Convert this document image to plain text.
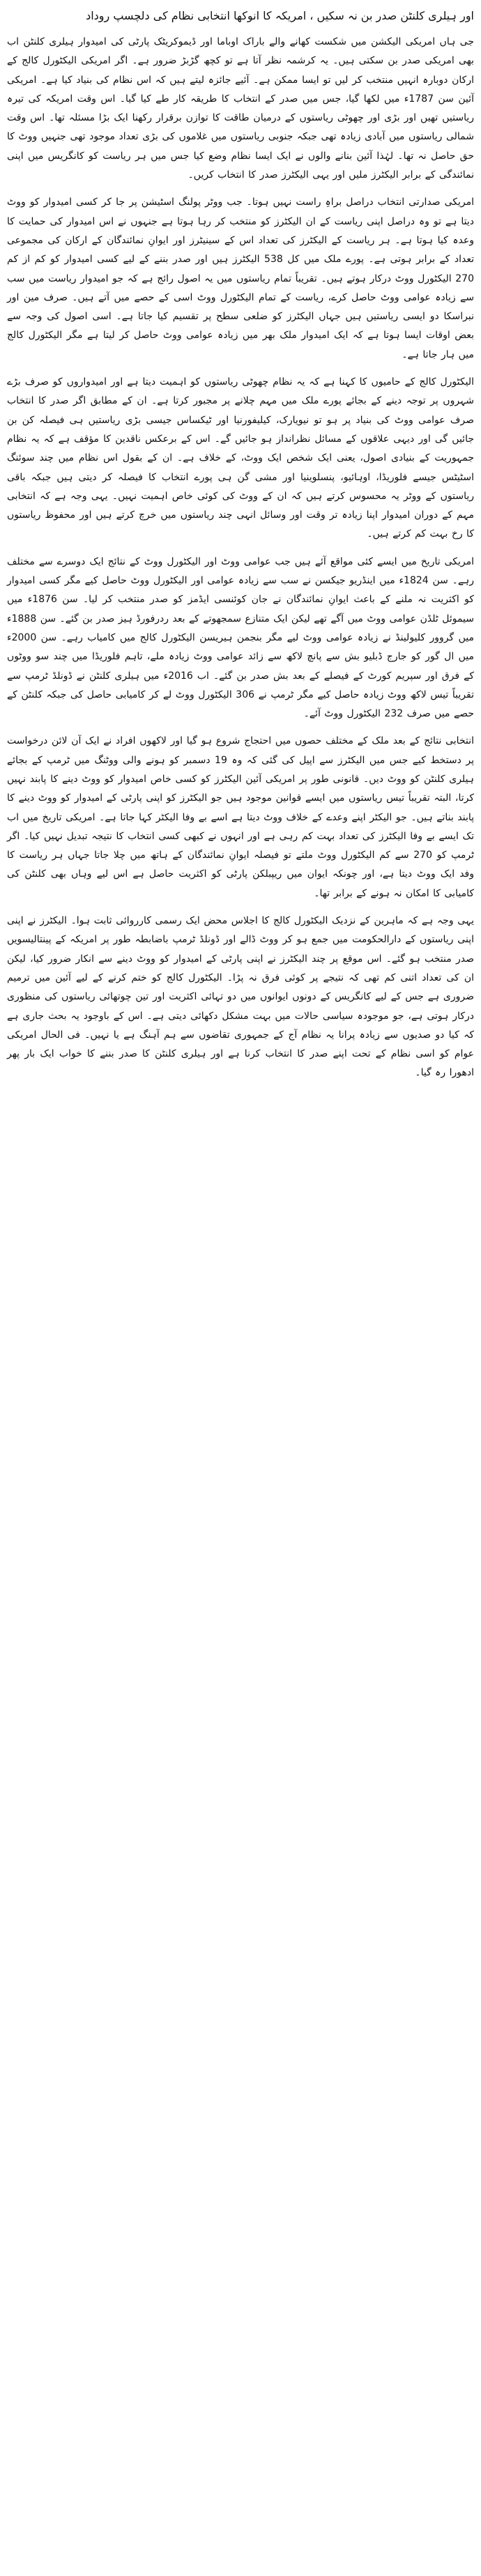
اور ہیلری کلنٹن صدر بن نہ سکیں ، امریکہ کا انوکھا انتخابی نظام کی دلچسپ روداد

جی ہاں امریکی الیکشن میں شکست کھانے والے باراک اوباما اور ڈیموکریٹک پارٹی کی امیدوار ہیلری کلنٹن اب بھی امریکی صدر بن سکتی ہیں۔ یہ کرشمہ نظر آتا ہے تو کچھ گڑبڑ ضرور ہے۔ اگر امریکی الیکٹورل کالج کے ارکان دوبارہ انہیں منتخب کر لیں تو ایسا ممکن ہے۔ آئیے جائزہ لیتے ہیں کہ اس نظام کی بنیاد کیا ہے۔ امریکی آئین سن 1787ء میں لکھا گیا، جس میں صدر کے انتخاب کا طریقہ کار طے کیا گیا۔ اس وقت امریکہ کی تیرہ ریاستیں تھیں اور بڑی اور چھوٹی ریاستوں کے درمیان طاقت کا توازن برقرار رکھنا ایک بڑا مسئلہ تھا۔ اس وقت شمالی ریاستوں میں آبادی زیادہ تھی جبکہ جنوبی ریاستوں میں غلاموں کی بڑی تعداد موجود تھی جنہیں ووٹ کا حق حاصل نہ تھا۔ لہٰذا آئین بنانے والوں نے ایک ایسا نظام وضع کیا جس میں ہر ریاست کو کانگریس میں اپنی نمائندگی کے برابر الیکٹرز ملیں اور یہی الیکٹرز صدر کا انتخاب کریں۔

امریکی صدارتی انتخاب دراصل براہِ راست نہیں ہوتا۔ جب ووٹر پولنگ اسٹیشن پر جا کر کسی امیدوار کو ووٹ دیتا ہے تو وہ دراصل اپنی ریاست کے ان الیکٹرز کو منتخب کر رہا ہوتا ہے جنہوں نے اس امیدوار کی حمایت کا وعدہ کیا ہوتا ہے۔ ہر ریاست کے الیکٹرز کی تعداد اس کے سینیٹرز اور ایوانِ نمائندگان کے ارکان کی مجموعی تعداد کے برابر ہوتی ہے۔ پورے ملک میں کل 538 الیکٹرز ہیں اور صدر بننے کے لیے کسی امیدوار کو کم از کم 270 الیکٹورل ووٹ درکار ہوتے ہیں۔ تقریباً تمام ریاستوں میں یہ اصول رائج ہے کہ جو امیدوار ریاست میں سب سے زیادہ عوامی ووٹ حاصل کرے، ریاست کے تمام الیکٹورل ووٹ اسی کے حصے میں آتے ہیں۔ صرف مین اور نبراسکا دو ایسی ریاستیں ہیں جہاں الیکٹرز کو ضلعی سطح پر تقسیم کیا جاتا ہے۔ اسی اصول کی وجہ سے بعض اوقات ایسا ہوتا ہے کہ ایک امیدوار ملک بھر میں زیادہ عوامی ووٹ حاصل کر لیتا ہے مگر الیکٹورل کالج میں ہار جاتا ہے۔

الیکٹورل کالج کے حامیوں کا کہنا ہے کہ یہ نظام چھوٹی ریاستوں کو اہمیت دیتا ہے اور امیدواروں کو صرف بڑے شہروں پر توجہ دینے کے بجائے پورے ملک میں مہم چلانے پر مجبور کرتا ہے۔ ان کے مطابق اگر صدر کا انتخاب صرف عوامی ووٹ کی بنیاد پر ہو تو نیویارک، کیلیفورنیا اور ٹیکساس جیسی بڑی ریاستیں ہی فیصلہ کن بن جائیں گی اور دیہی علاقوں کے مسائل نظرانداز ہو جائیں گے۔ اس کے برعکس ناقدین کا مؤقف ہے کہ یہ نظام جمہوریت کے بنیادی اصول، یعنی ایک شخص ایک ووٹ، کے خلاف ہے۔ ان کے بقول اس نظام میں چند سوئنگ اسٹیٹس جیسے فلوریڈا، اوہائیو، پنسلوینیا اور مشی گن ہی پورے انتخاب کا فیصلہ کر دیتی ہیں جبکہ باقی ریاستوں کے ووٹر یہ محسوس کرتے ہیں کہ ان کے ووٹ کی کوئی خاص اہمیت نہیں۔ یہی وجہ ہے کہ انتخابی مہم کے دوران امیدوار اپنا زیادہ تر وقت اور وسائل انہی چند ریاستوں میں خرچ کرتے ہیں اور محفوظ ریاستوں کا رخ بہت کم کرتے ہیں۔

امریکی تاریخ میں ایسے کئی مواقع آئے ہیں جب عوامی ووٹ اور الیکٹورل ووٹ کے نتائج ایک دوسرے سے مختلف رہے۔ سن 1824ء میں اینڈریو جیکسن نے سب سے زیادہ عوامی اور الیکٹورل ووٹ حاصل کیے مگر کسی امیدوار کو اکثریت نہ ملنے کے باعث ایوانِ نمائندگان نے جان کوئنسی ایڈمز کو صدر منتخب کر لیا۔ سن 1876ء میں سیموئل ٹلڈن عوامی ووٹ میں آگے تھے لیکن ایک متنازع سمجھوتے کے بعد ردرفورڈ ہیز صدر بن گئے۔ سن 1888ء میں گروور کلیولینڈ نے زیادہ عوامی ووٹ لیے مگر بنجمن ہیریسن الیکٹورل کالج میں کامیاب رہے۔ سن 2000ء میں ال گور کو جارج ڈبلیو بش سے پانچ لاکھ سے زائد عوامی ووٹ زیادہ ملے، تاہم فلوریڈا میں چند سو ووٹوں کے فرق اور سپریم کورٹ کے فیصلے کے بعد بش صدر بن گئے۔ اب 2016ء میں ہیلری کلنٹن نے ڈونلڈ ٹرمپ سے تقریباً تیس لاکھ ووٹ زیادہ حاصل کیے مگر ٹرمپ نے 306 الیکٹورل ووٹ لے کر کامیابی حاصل کی جبکہ کلنٹن کے حصے میں صرف 232 الیکٹورل ووٹ آئے۔

انتخابی نتائج کے بعد ملک کے مختلف حصوں میں احتجاج شروع ہو گیا اور لاکھوں افراد نے ایک آن لائن درخواست پر دستخط کیے جس میں الیکٹرز سے اپیل کی گئی کہ وہ 19 دسمبر کو ہونے والی ووٹنگ میں ٹرمپ کے بجائے ہیلری کلنٹن کو ووٹ دیں۔ قانونی طور پر امریکی آئین الیکٹرز کو کسی خاص امیدوار کو ووٹ دینے کا پابند نہیں کرتا، البتہ تقریباً تیس ریاستوں میں ایسے قوانین موجود ہیں جو الیکٹرز کو اپنی پارٹی کے امیدوار کو ووٹ دینے کا پابند بناتے ہیں۔ جو الیکٹر اپنے وعدے کے خلاف ووٹ دیتا ہے اسے بے وفا الیکٹر کہا جاتا ہے۔ امریکی تاریخ میں اب تک ایسے بے وفا الیکٹرز کی تعداد بہت کم رہی ہے اور انہوں نے کبھی کسی انتخاب کا نتیجہ تبدیل نہیں کیا۔ اگر ٹرمپ کو 270 سے کم الیکٹورل ووٹ ملتے تو فیصلہ ایوانِ نمائندگان کے ہاتھ میں چلا جاتا جہاں ہر ریاست کا وفد ایک ووٹ دیتا ہے، اور چونکہ ایوان میں ریپبلکن پارٹی کو اکثریت حاصل ہے اس لیے وہاں بھی کلنٹن کی کامیابی کا امکان نہ ہونے کے برابر تھا۔

یہی وجہ ہے کہ ماہرین کے نزدیک الیکٹورل کالج کا اجلاس محض ایک رسمی کارروائی ثابت ہوا۔ الیکٹرز نے اپنی اپنی ریاستوں کے دارالحکومت میں جمع ہو کر ووٹ ڈالے اور ڈونلڈ ٹرمپ باضابطہ طور پر امریکہ کے پینتالیسویں صدر منتخب ہو گئے۔ اس موقع پر چند الیکٹرز نے اپنی پارٹی کے امیدوار کو ووٹ دینے سے انکار ضرور کیا، لیکن ان کی تعداد اتنی کم تھی کہ نتیجے پر کوئی فرق نہ پڑا۔ الیکٹورل کالج کو ختم کرنے کے لیے آئین میں ترمیم ضروری ہے جس کے لیے کانگریس کے دونوں ایوانوں میں دو تہائی اکثریت اور تین چوتھائی ریاستوں کی منظوری درکار ہوتی ہے، جو موجودہ سیاسی حالات میں بہت مشکل دکھائی دیتی ہے۔ اس کے باوجود یہ بحث جاری ہے کہ کیا دو صدیوں سے زیادہ پرانا یہ نظام آج کے جمہوری تقاضوں سے ہم آہنگ ہے یا نہیں۔ فی الحال امریکی عوام کو اسی نظام کے تحت اپنے صدر کا انتخاب کرنا ہے اور ہیلری کلنٹن کا صدر بننے کا خواب ایک بار پھر ادھورا رہ گیا۔
